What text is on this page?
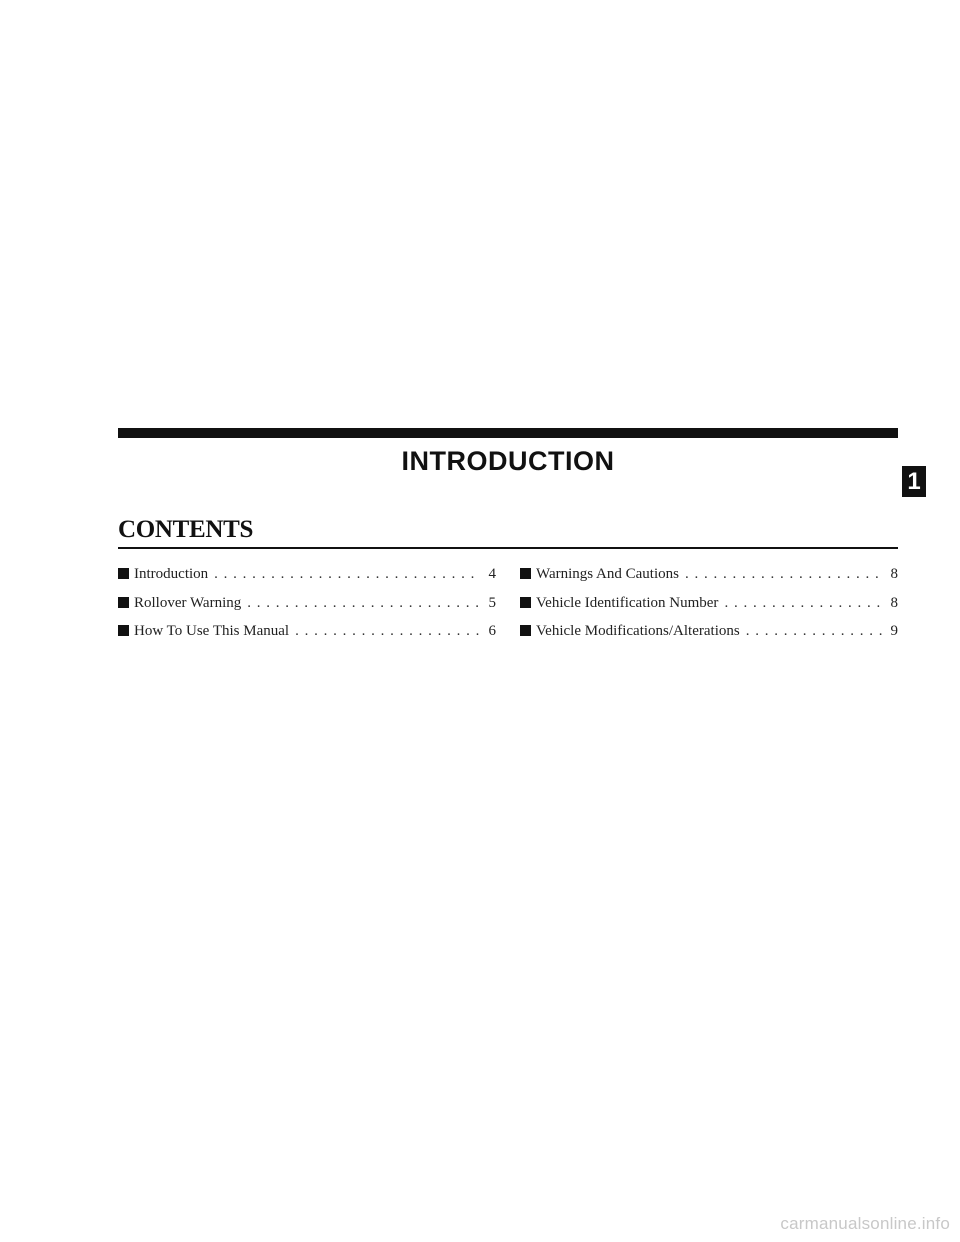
INTRODUCTION
1
CONTENTS
Introduction . . .	4
Rollover Warning . . .	5
How To Use This Manual . . .	6
Warnings And Cautions . . .	8
Vehicle Identification Number . . .	8
Vehicle Modifications/Alterations . . .	9
carmanualsonline.info
